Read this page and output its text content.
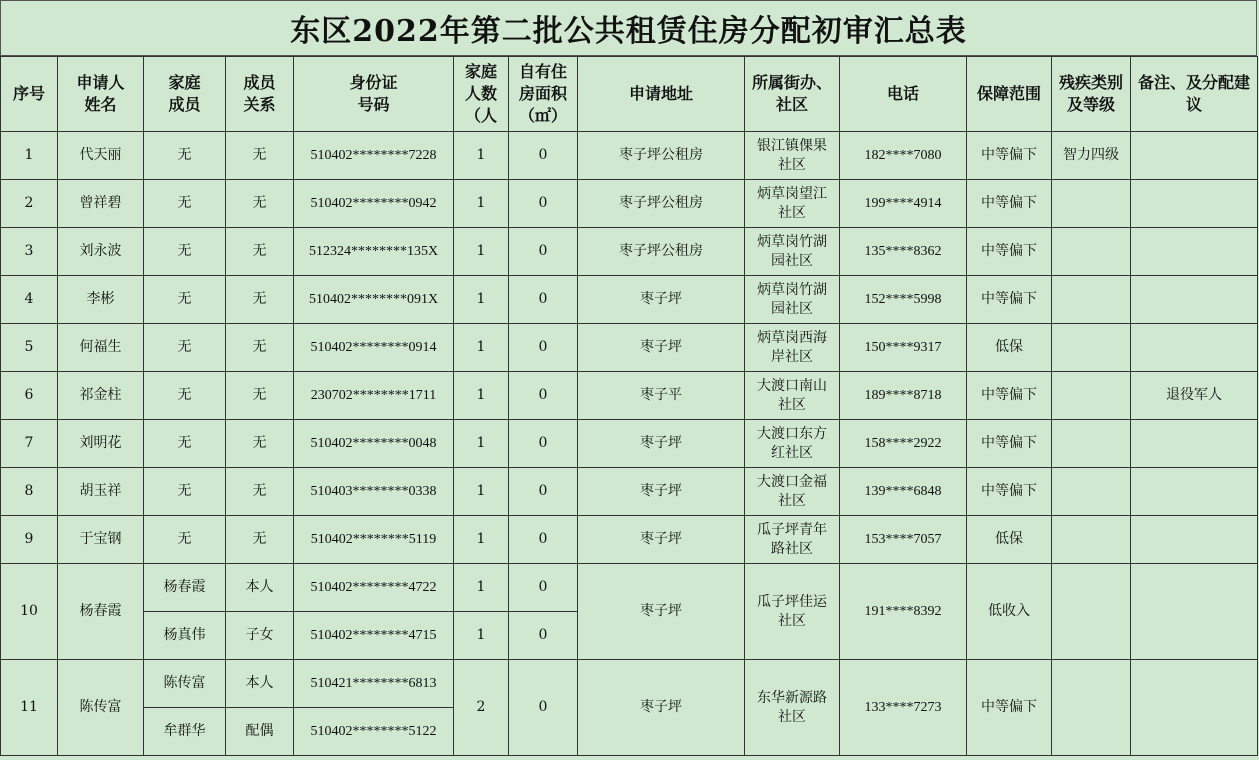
东区2022年第二批公共租赁住房分配初审汇总表
序号	申请人姓名	家庭成员	成员关系	身份证号码	家庭人数（人	自有住房面积（㎡）	申请地址	所属街办、社区	电话	保障范围	残疾类别及等级	备注、及分配建议

1	代天丽	无	无	510402********7228	1	0	枣子坪公租房	银江镇倮果社区	182****7080	中等偏下	智力四级	
2	曾祥碧	无	无	510402********0942	1	0	枣子坪公租房	炳草岗望江社区	199****4914	中等偏下		
3	刘永波	无	无	512324********135X	1	0	枣子坪公租房	炳草岗竹湖园社区	135****8362	中等偏下		
4	李彬	无	无	510402********091X	1	0	枣子坪	炳草岗竹湖园社区	152****5998	中等偏下		
5	何福生	无	无	510402********0914	1	0	枣子坪	炳草岗西海岸社区	150****9317	低保		
6	祁金柱	无	无	230702********1711	1	0	枣子平	大渡口南山社区	189****8718	中等偏下		退役军人
7	刘明花	无	无	510402********0048	1	0	枣子坪	大渡口东方红社区	158****2922	中等偏下		
8	胡玉祥	无	无	510403********0338	1	0	枣子坪	大渡口金福社区	139****6848	中等偏下		
9	于宝钢	无	无	510402********5119	1	0	枣子坪	瓜子坪青年路社区	153****7057	低保		
10	杨春霞	杨春霞	本人	510402********4722	1	0	枣子坪	瓜子坪佳运社区	191****8392	低收入		
		杨真伟	子女	510402********4715	1	0						
11	陈传富	陈传富	本人	510421********6813	2	0	枣子坪	东华新源路社区	133****7273	中等偏下		
		牟群华	配偶	510402********5122								
